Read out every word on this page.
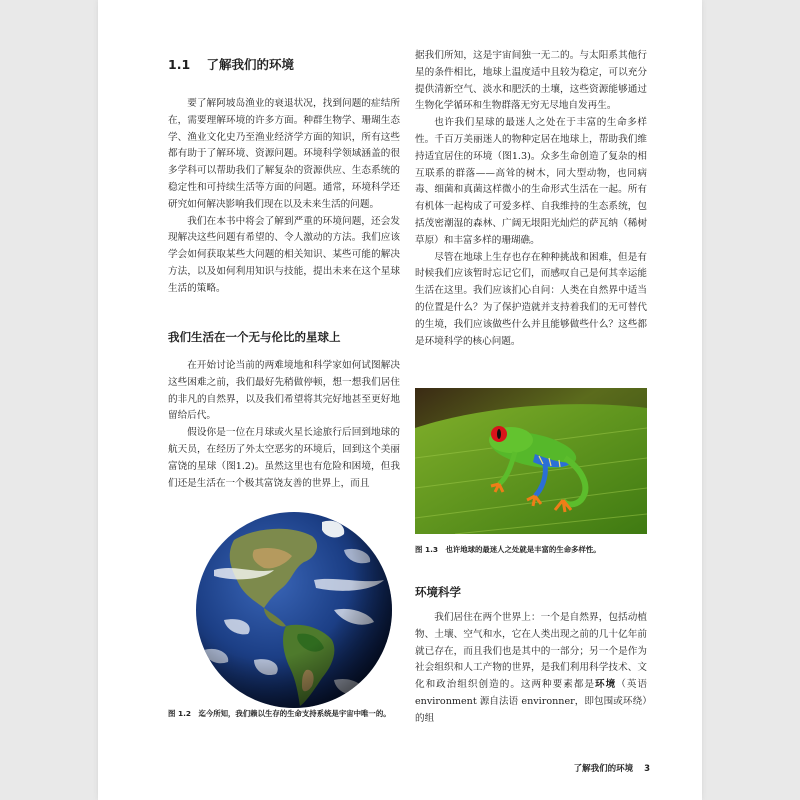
1.1 了解我们的环境

要了解阿坡岛渔业的衰退状况，找到问题的症结所在，需要理解环境的许多方面。种群生物学、珊瑚生态学、渔业文化史乃至渔业经济学方面的知识，所有这些都有助于了解环境、资源问题。环境科学领域涵盖的很多学科可以帮助我们了解复杂的资源供应、生态系统的稳定性和可持续生活等方面的问题。通常，环境科学还研究如何解决影响我们现在以及未来生活的问题。

我们在本书中将会了解到严重的环境问题，还会发现解决这些问题有希望的、令人激动的方法。我们应该学会如何获取某些大问题的相关知识、某些可能的解决方法，以及如何利用知识与技能，提出未来在这个星球生活的策略。

我们生活在一个无与伦比的星球上

在开始讨论当前的两难境地和科学家如何试图解决这些困难之前，我们最好先稍做停顿，想一想我们居住的非凡的自然界，以及我们希望将其完好地甚至更好地留给后代。

假设你是一位在月球或火星长途旅行后回到地球的航天员，在经历了外太空恶劣的环境后，回到这个美丽富饶的星球（图1.2)。虽然这里也有危险和困境，但我们还是生活在一个极其富饶友善的世界上，而且

图 1.2　迄今所知，我们赖以生存的生命支持系统是宇宙中唯一的。

据我们所知，这是宇宙间独一无二的。与太阳系其他行星的条件相比，地球上温度适中且较为稳定，可以充分提供清新空气、淡水和肥沃的土壤，这些资源能够通过生物化学循环和生物群落无穷无尽地自发再生。

也许我们星球的最迷人之处在于丰富的生命多样性。千百万美丽迷人的物种定居在地球上，帮助我们维持适宜居住的环境（图1.3)。众多生命创造了复杂的相互联系的群落——高耸的树木，同大型动物，也同病毒、细菌和真菌这样微小的生命形式生活在一起。所有有机体一起构成了可爱多样、自我维持的生态系统，包括茂密潮湿的森林、广阔无垠阳光灿烂的萨瓦纳（稀树草原）和丰富多样的珊瑚礁。

尽管在地球上生存也存在种种挑战和困难，但是有时候我们应该暂时忘记它们，而感叹自己是何其幸运能生活在这里。我们应该扪心自问：人类在自然界中适当的位置是什么？为了保护造就并支持着我们的无可替代的生境，我们应该做些什么并且能够做些什么？这些都是环境科学的核心问题。

图 1.3　也许地球的最迷人之处就是丰富的生命多样性。
环境科学

我们居住在两个世界上：一个是自然界，包括动植物、土壤、空气和水，它在人类出现之前的几十亿年前就已存在，而且我们也是其中的一部分；另一个是作为社会组织和人工产物的世界，是我们利用科学技术、文化和政治组织创造的。这两种要素都是环境（英语 environment 源自法语 environner，即包围或环绕）的组

了解我们的环境 3
